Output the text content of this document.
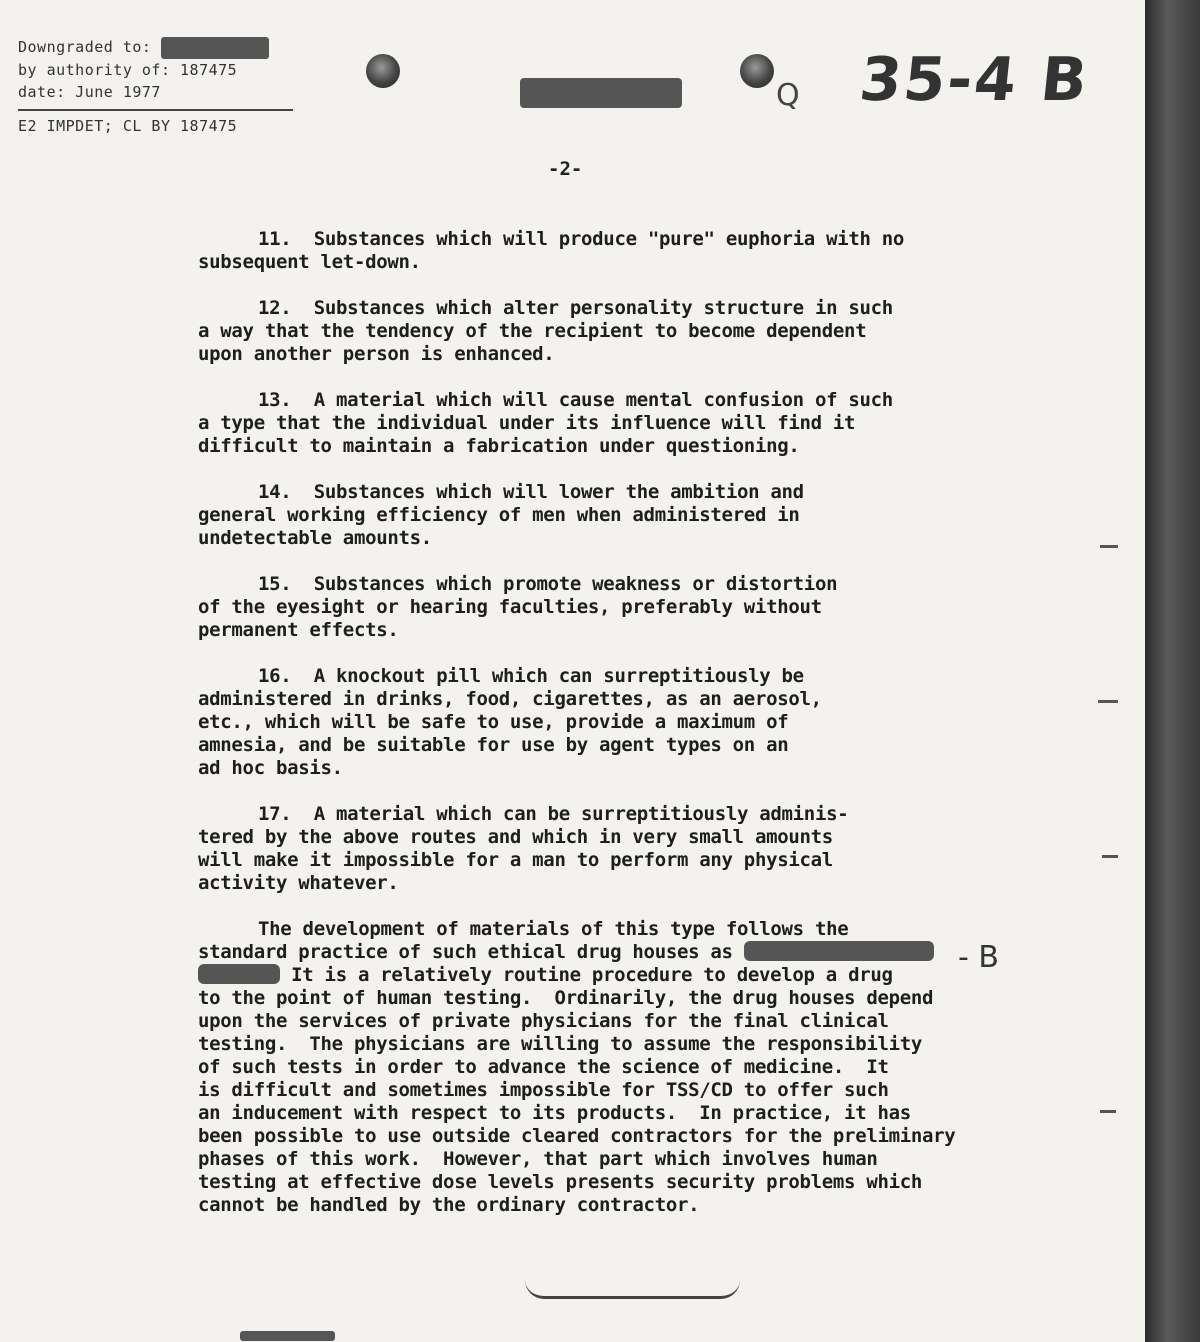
Downgraded to:
by authority of: 187475
date: June 1977
E2 IMPDET; CL BY 187475
Q 35-4 B
-2-
11.  Substances which will produce "pure" euphoria with no
subsequent let-down.
12.  Substances which alter personality structure in such
a way that the tendency of the recipient to become dependent
upon another person is enhanced.
13.  A material which will cause mental confusion of such
a type that the individual under its influence will find it
difficult to maintain a fabrication under questioning.
14.  Substances which will lower the ambition and
general working efficiency of men when administered in
undetectable amounts.
15.  Substances which promote weakness or distortion
of the eyesight or hearing faculties, preferably without
permanent effects.
16.  A knockout pill which can surreptitiously be
administered in drinks, food, cigarettes, as an aerosol,
etc., which will be safe to use, provide a maximum of
amnesia, and be suitable for use by agent types on an
ad hoc basis.
17.  A material which can be surreptitiously adminis-
tered by the above routes and which in very small amounts
will make it impossible for a man to perform any physical
activity whatever.
The development of materials of this type follows the
standard practice of such ethical drug houses as
It is a relatively routine procedure to develop a drug
to the point of human testing.  Ordinarily, the drug houses depend
upon the services of private physicians for the final clinical
testing.  The physicians are willing to assume the responsibility
of such tests in order to advance the science of medicine.  It
is difficult and sometimes impossible for TSS/CD to offer such
an inducement with respect to its products.  In practice, it has
been possible to use outside cleared contractors for the preliminary
phases of this work.  However, that part which involves human
testing at effective dose levels presents security problems which
cannot be handled by the ordinary contractor.
- B
